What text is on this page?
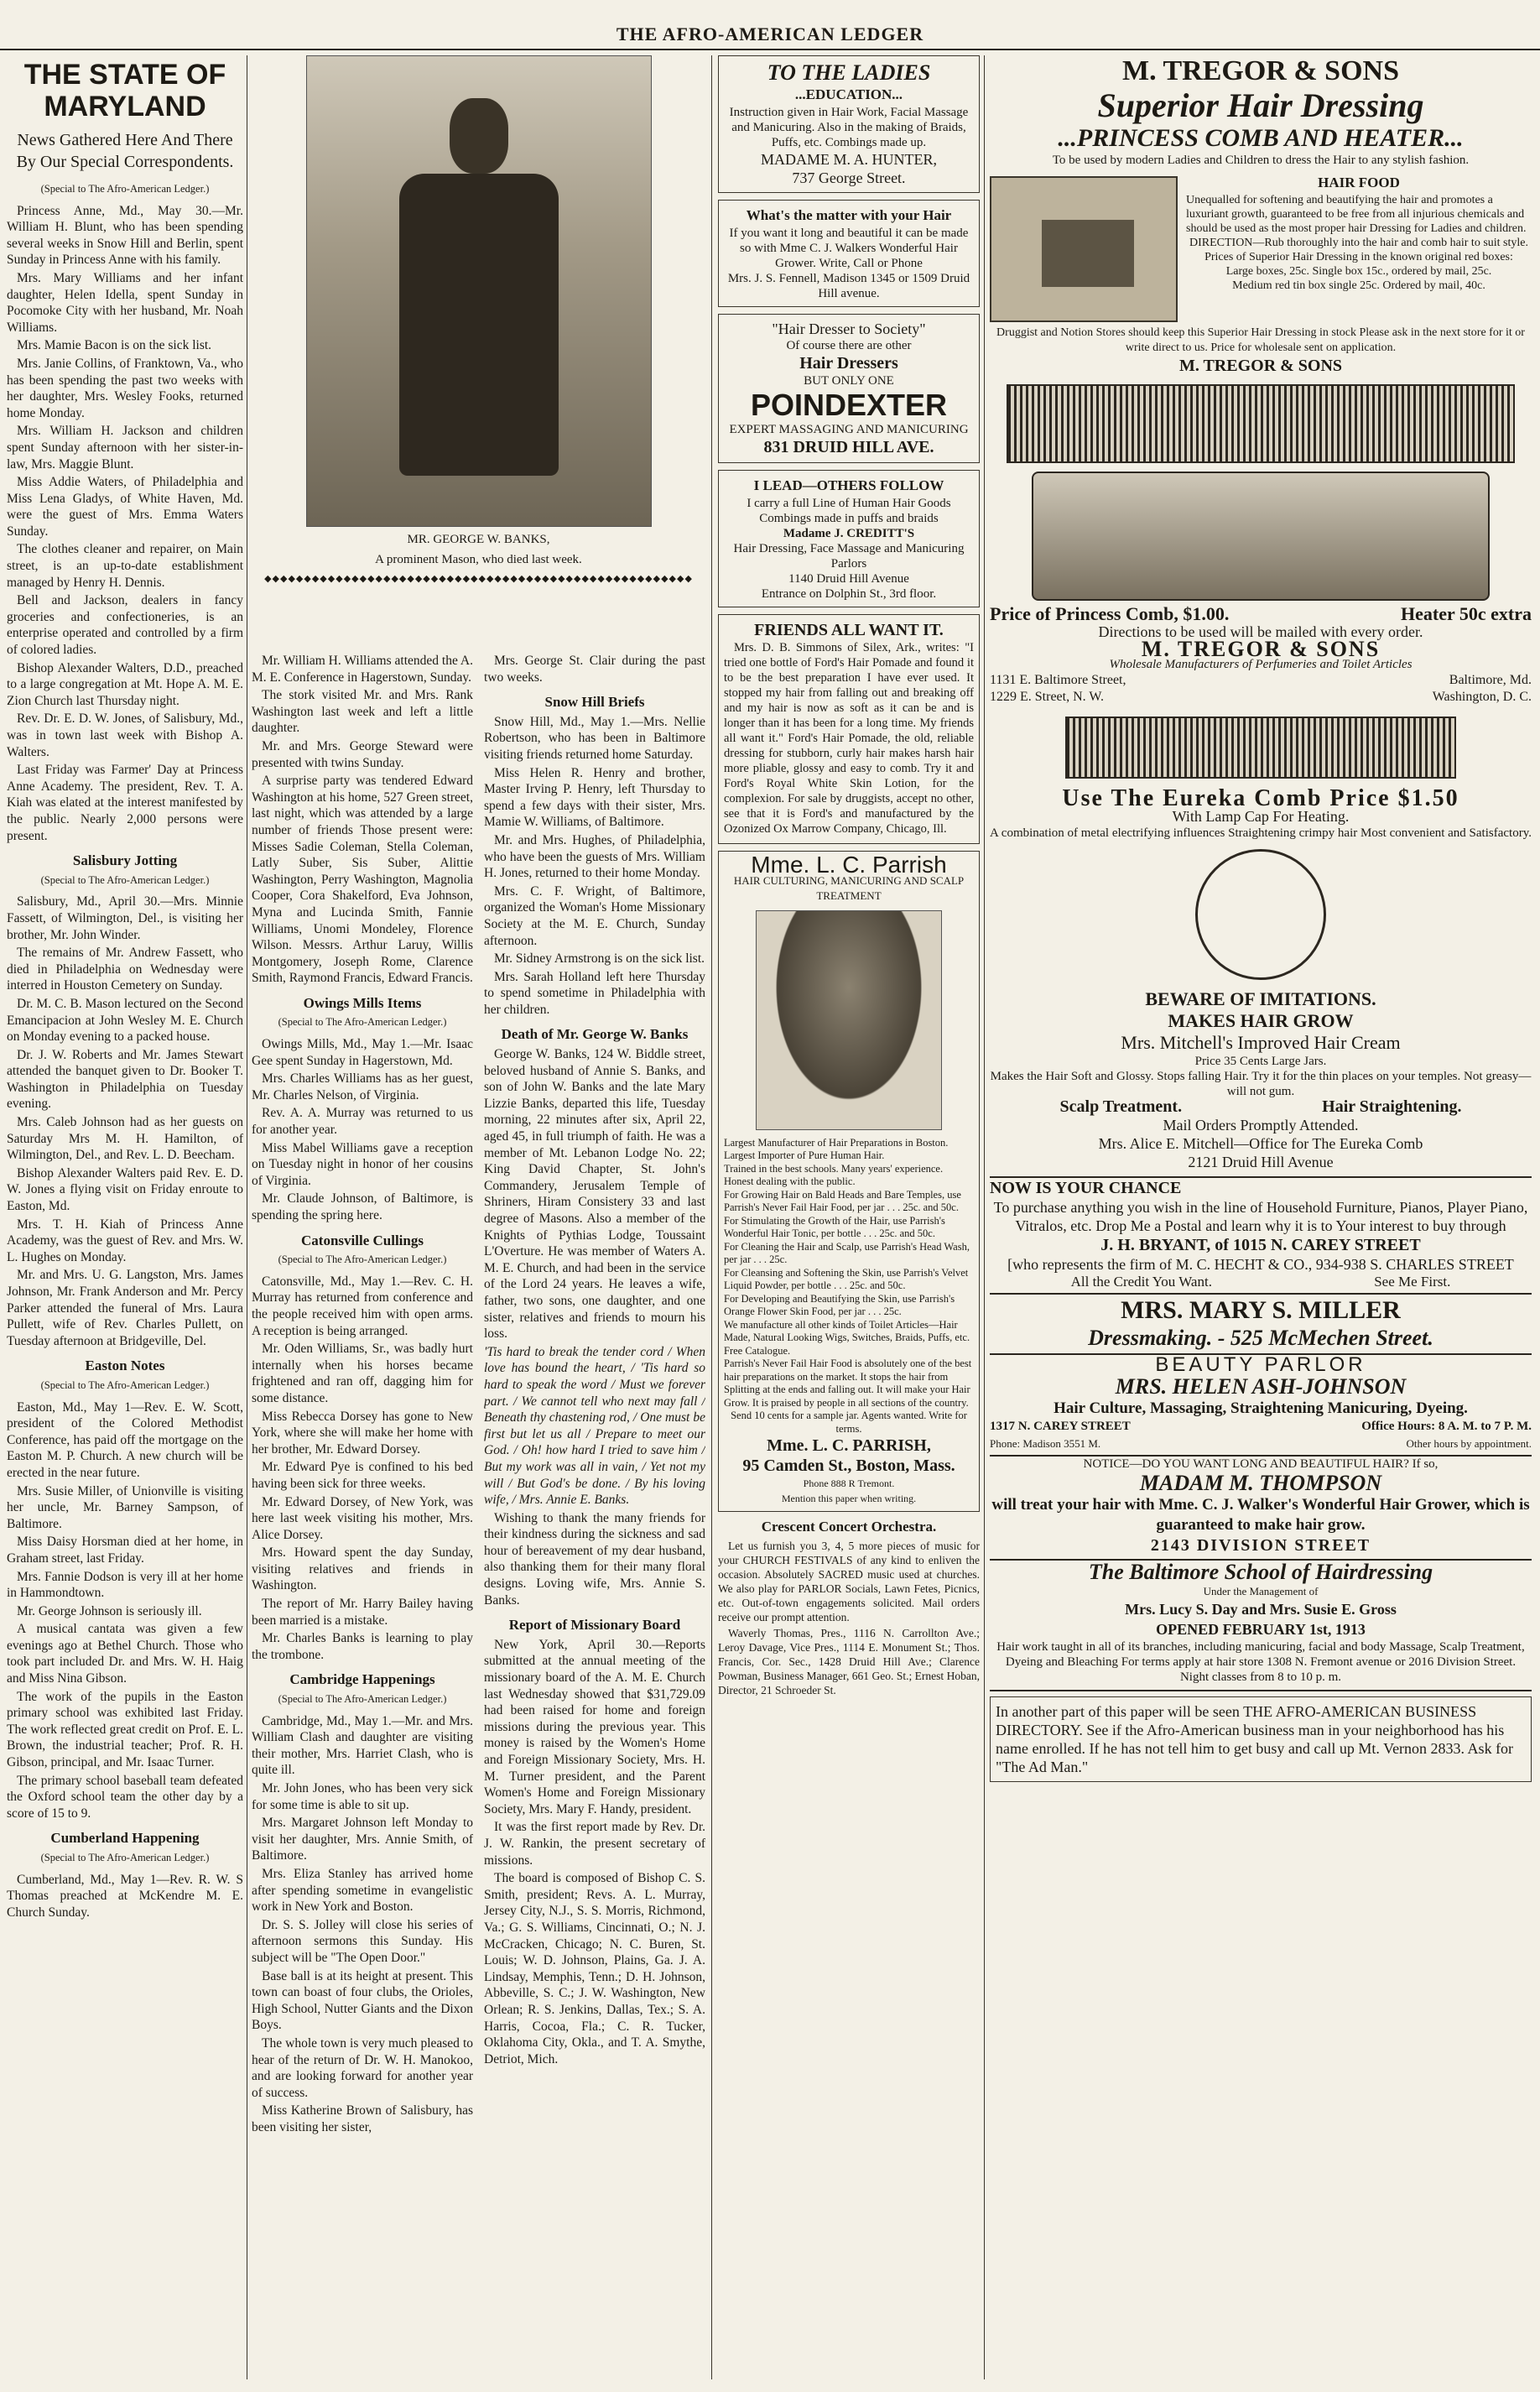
THE AFRO-AMERICAN LEDGER
THE STATE OF MARYLAND
News Gathered Here And There By Our Special Correspondents.
(Special to The Afro-American Ledger.)

Princess Anne, Md., May 30.—Mr. William H. Blunt, who has been spending several weeks in Snow Hill and Berlin, spent Sunday in Princess Anne with his family.

Mrs. Mary Williams and her infant daughter, Helen Idella, spent Sunday in Pocomoke City with her husband, Mr. Noah Williams.

Mrs. Mamie Bacon is on the sick list.

Mrs. Janie Collins, of Franktown, Va., who has been spending the past two weeks with her daughter, Mrs. Wesley Fooks, returned home Monday.

Mrs. William H. Jackson and children spent Sunday afternoon with her sister-in-law, Mrs. Maggie Blunt.

Miss Addie Waters, of Philadelphia and Miss Lena Gladys, of White Haven, Md. were the guest of Mrs. Emma Waters Sunday.

The clothes cleaner and repairer, on Main street, is an up-to-date establishment managed by Henry H. Dennis.

Bell and Jackson, dealers in fancy groceries and confectioneries, is an enterprise operated and controlled by a firm of colored ladies.

Bishop Alexander Walters, D.D., preached to a large congregation at Mt. Hope A. M. E. Zion Church last Thursday night.

Rev. Dr. E. D. W. Jones, of Salisbury, Md., was in town last week with Bishop A. Walters.

Last Friday was Farmer' Day at Princess Anne Academy. The president, Rev. T. A. Kiah was elated at the interest manifested by the public. Nearly 2,000 persons were present.

Salisbury Jotting
(Special to The Afro-American Ledger.)

Salisbury, Md., April 30.—Mrs. Minnie Fassett, of Wilmington, Del., is visiting her brother, Mr. John Winder.

The remains of Mr. Andrew Fassett, who died in Philadelphia on Wednesday were interred in Houston Cemetery on Sunday.

Dr. M. C. B. Mason lectured on the Second Emancipacion at John Wesley M. E. Church on Monday evening to a packed house.

Dr. J. W. Roberts and Mr. James Stewart attended the banquet given to Dr. Booker T. Washington in Philadelphia on Tuesday evening.

Mrs. Caleb Johnson had as her guests on Saturday Mrs M. H. Hamilton, of Wilmington, Del., and Rev. L. D. Beecham.

Bishop Alexander Walters paid Rev. E. D. W. Jones a flying visit on Friday enroute to Easton, Md.

Mrs. T. H. Kiah of Princess Anne Academy, was the guest of Rev. and Mrs. W. L. Hughes on Monday.

Mr. and Mrs. U. G. Langston, Mrs. James Johnson, Mr. Frank Anderson and Mr. Percy Parker attended the funeral of Mrs. Laura Pullett, wife of Rev. Charles Pullett, on Tuesday afternoon at Bridgeville, Del.

Easton Notes
(Special to The Afro-American Ledger.)

Easton, Md., May 1—Rev. E. W. Scott, president of the Colored Methodist Conference, has paid off the mortgage on the Easton M. P. Church. A new church will be erected in the near future.

Mrs. Susie Miller, of Unionville is visiting her uncle, Mr. Barney Sampson, of Baltimore.

Miss Daisy Horsman died at her home, in Graham street, last Friday.

Mrs. Fannie Dodson is very ill at her home in Hammondtown.

Mr. George Johnson is seriously ill.

A musical cantata was given a few evenings ago at Bethel Church. Those who took part included Dr. and Mrs. W. H. Haig and Miss Nina Gibson.

The work of the pupils in the Easton primary school was exhibited last Friday. The work reflected great credit on Prof. E. L. Brown, the industrial teacher; Prof. R. H. Gibson, principal, and Mr. Isaac Turner.

The primary school baseball team defeated the Oxford school team the other day by a score of 15 to 9.

Cumberland Happening
(Special to The Afro-American Ledger.)

Cumberland, Md., May 1—Rev. R. W. S Thomas preached at McKendre M. E. Church Sunday.

MR. GEORGE W. BANKS,
A prominent Mason, who died last week.
◆◆◆◆◆◆◆◆◆◆◆◆◆◆◆◆◆◆◆◆◆◆◆◆◆◆◆◆◆◆◆◆◆◆◆◆◆◆◆◆◆◆◆◆◆◆◆◆◆◆◆◆◆◆

Mr. William H. Williams attended the A. M. E. Conference in Hagerstown, Sunday.

The stork visited Mr. and Mrs. Rank Washington last week and left a little daughter.

Mr. and Mrs. George Steward were presented with twins Sunday.

A surprise party was tendered Edward Washington at his home, 527 Green street, last night, which was attended by a large number of friends Those present were: Misses Sadie Coleman, Stella Coleman, Latly Suber, Sis Suber, Alittie Washington, Perry Washington, Magnolia Cooper, Cora Shakelford, Eva Johnson, Myna and Lucinda Smith, Fannie Williams, Unomi Mondeley, Florence Wilson. Messrs. Arthur Laruy, Willis Montgomery, Joseph Rome, Clarence Smith, Raymond Francis, Edward Francis.

Owings Mills Items
(Special to The Afro-American Ledger.)

Owings Mills, Md., May 1.—Mr. Isaac Gee spent Sunday in Hagerstown, Md.

Mrs. Charles Williams has as her guest, Mr. Charles Nelson, of Virginia.

Rev. A. A. Murray was returned to us for another year.

Miss Mabel Williams gave a reception on Tuesday night in honor of her cousins of Virginia.

Mr. Claude Johnson, of Baltimore, is spending the spring here.

Catonsville Cullings
(Special to The Afro-American Ledger.)

Catonsville, Md., May 1.—Rev. C. H. Murray has returned from conference and the people received him with open arms. A reception is being arranged.

Mr. Oden Williams, Sr., was badly hurt internally when his horses became frightened and ran off, dagging him for some distance.

Miss Rebecca Dorsey has gone to New York, where she will make her home with her brother, Mr. Edward Dorsey.

Mr. Edward Pye is confined to his bed having been sick for three weeks.

Mr. Edward Dorsey, of New York, was here last week visiting his mother, Mrs. Alice Dorsey.

Mrs. Howard spent the day Sunday, visiting relatives and friends in Washington.

The report of Mr. Harry Bailey having been married is a mistake.

Mr. Charles Banks is learning to play the trombone.

Cambridge Happenings
(Special to The Afro-American Ledger.)

Cambridge, Md., May 1.—Mr. and Mrs. William Clash and daughter are visiting their mother, Mrs. Harriet Clash, who is quite ill.

Mr. John Jones, who has been very sick for some time is able to sit up.

Mrs. Margaret Johnson left Monday to visit her daughter, Mrs. Annie Smith, of Baltimore.

Mrs. Eliza Stanley has arrived home after spending sometime in evangelistic work in New York and Boston.

Dr. S. S. Jolley will close his series of afternoon sermons this Sunday. His subject will be "The Open Door."

Base ball is at its height at present. This town can boast of four clubs, the Orioles, High School, Nutter Giants and the Dixon Boys.

The whole town is very much pleased to hear of the return of Dr. W. H. Manokoo, and are looking forward for another year of success.

Miss Katherine Brown of Salisbury, has been visiting her sister,

Mrs. George St. Clair during the past two weeks.

Snow Hill Briefs

Snow Hill, Md., May 1.—Mrs. Nellie Robertson, who has been in Baltimore visiting friends returned home Saturday.

Miss Helen R. Henry and brother, Master Irving P. Henry, left Thursday to spend a few days with their sister, Mrs. Mamie W. Williams, of Baltimore.

Mr. and Mrs. Hughes, of Philadelphia, who have been the guests of Mrs. William H. Jones, returned to their home Monday.

Mrs. C. F. Wright, of Baltimore, organized the Woman's Home Missionary Society at the M. E. Church, Sunday afternoon.

Mr. Sidney Armstrong is on the sick list.

Mrs. Sarah Holland left here Thursday to spend sometime in Philadelphia with her children.

Death of Mr. George W. Banks

George W. Banks, 124 W. Biddle street, beloved husband of Annie S. Banks, and son of John W. Banks and the late Mary Lizzie Banks, departed this life, Tuesday morning, 22 minutes after six, April 22, aged 45, in full triumph of faith. He was a member of Mt. Lebanon Lodge No. 22; King David Chapter, St. John's Commandery, Jerusalem Temple of Shriners, Hiram Consistery 33 and last degree of Masons. Also a member of the Knights of Pythias Lodge, Toussaint L'Overture. He was member of Waters A. M. E. Church, and had been in the service of the Lord 24 years. He leaves a wife, father, two sons, one daughter, and one sister, relatives and friends to mourn his loss.

'Tis hard to break the tender cord / When love has bound the heart, / 'Tis hard so hard to speak the word / Must we forever part. / We cannot tell who next may fall / Beneath thy chastening rod, / One must be first but let us all / Prepare to meet our God. / Oh! how hard I tried to save him / But my work was all in vain, / Yet not my will / But God's be done. / By his loving wife, / Mrs. Annie E. Banks.

Wishing to thank the many friends for their kindness during the sickness and sad hour of bereavement of my dear husband, also thanking them for their many floral designs. Loving wife, Mrs. Annie S. Banks.

Report of Missionary Board

New York, April 30.—Reports submitted at the annual meeting of the missionary board of the A. M. E. Church last Wednesday showed that $31,729.09 had been raised for home and foreign missions during the previous year. This money is raised by the Women's Home and Foreign Missionary Society, Mrs. H. M. Turner president, and the Parent Women's Home and Foreign Missionary Society, Mrs. Mary F. Handy, president.

It was the first report made by Rev. Dr. J. W. Rankin, the present secretary of missions.

The board is composed of Bishop C. S. Smith, president; Revs. A. L. Murray, Jersey City, N.J., S. S. Morris, Richmond, Va.; G. S. Williams, Cincinnati, O.; N. J. McCracken, Chicago; N. C. Buren, St. Louis; W. D. Johnson, Plains, Ga. J. A. Lindsay, Memphis, Tenn.; D. H. Johnson, Abbeville, S. C.; J. W. Washington, New Orlean; R. S. Jenkins, Dallas, Tex.; S. A. Harris, Cocoa, Fla.; C. R. Tucker, Oklahoma City, Okla., and T. A. Smythe, Detriot, Mich.

TO THE LADIES
...EDUCATION...
Instruction given in Hair Work, Facial Massage and Manicuring. Also in the making of Braids, Puffs, etc. Combings made up.
MADAME M. A. HUNTER,
737 George Street.
What's the matter with your Hair
If you want it long and beautiful it can be made so with Mme C. J. Walkers Wonderful Hair Grower. Write, Call or Phone
Mrs. J. S. Fennell, Madison 1345 or 1509 Druid Hill avenue.
"Hair Dresser to Society"
Of course there are other
Hair Dressers
BUT ONLY ONE
POINDEXTER
EXPERT MASSAGING AND MANICURING
831 DRUID HILL AVE.
I LEAD—OTHERS FOLLOW
I carry a full Line of Human Hair Goods Combings made in puffs and braids
Madame J. CREDITT'S
Hair Dressing, Face Massage and Manicuring Parlors
1140 Druid Hill Avenue
Entrance on Dolphin St., 3rd floor.
FRIENDS ALL WANT IT.

Mrs. D. B. Simmons of Silex, Ark., writes: "I tried one bottle of Ford's Hair Pomade and found it to be the best preparation I have ever used. It stopped my hair from falling out and breaking off and my hair is now as soft as it can be and is longer than it has been for a long time. My friends all want it." Ford's Hair Pomade, the old, reliable dressing for stubborn, curly hair makes harsh hair more pliable, glossy and easy to comb. Try it and Ford's Royal White Skin Lotion, for the complexion. For sale by druggists, accept no other, see that it is Ford's and manufactured by the Ozonized Ox Marrow Company, Chicago, Ill.

Mme. L. C. Parrish
HAIR CULTURING, MANICURING AND SCALP TREATMENT
Largest Manufacturer of Hair Preparations in Boston.
Largest Importer of Pure Human Hair.
Trained in the best schools. Many years' experience.
Honest dealing with the public.
For Growing Hair on Bald Heads and Bare Temples, use Parrish's Never Fail Hair Food, per jar . . . 25c. and 50c.
For Stimulating the Growth of the Hair, use Parrish's Wonderful Hair Tonic, per bottle . . . 25c. and 50c.
For Cleaning the Hair and Scalp, use Parrish's Head Wash, per jar . . . 25c.
For Cleansing and Softening the Skin, use Parrish's Velvet Liquid Powder, per bottle . . . 25c. and 50c.
For Developing and Beautifying the Skin, use Parrish's Orange Flower Skin Food, per jar . . . 25c.
We manufacture all other kinds of Toilet Articles—Hair Made, Natural Looking Wigs, Switches, Braids, Puffs, etc. Free Catalogue.
Parrish's Never Fail Hair Food is absolutely one of the best hair preparations on the market. It stops the hair from Splitting at the ends and falling out. It will make your Hair Grow. It is praised by people in all sections of the country.
Send 10 cents for a sample jar. Agents wanted. Write for terms.
Mme. L. C. PARRISH,
95 Camden St., Boston, Mass.
Phone 888 R Tremont.
Mention this paper when writing.
Crescent Concert Orchestra.

Let us furnish you 3, 4, 5 more pieces of music for your CHURCH FESTIVALS of any kind to enliven the occasion. Absolutely SACRED music used at churches. We also play for PARLOR Socials, Lawn Fetes, Picnics, etc. Out-of-town engagements solicited. Mail orders receive our prompt attention.

Waverly Thomas, Pres., 1116 N. Carrollton Ave.; Leroy Davage, Vice Pres., 1114 E. Monument St.; Thos. Francis, Cor. Sec., 1428 Druid Hill Ave.; Clarence Powman, Business Manager, 661 Geo. St.; Ernest Hoban, Director, 21 Schroeder St.

M. TREGOR & SONS
Superior Hair Dressing
...PRINCESS COMB AND HEATER...
To be used by modern Ladies and Children to dress the Hair to any stylish fashion.
HAIR FOOD
Unequalled for softening and beautifying the hair and promotes a luxuriant growth, guaranteed to be free from all injurious chemicals and should be used as the most proper hair Dressing for Ladies and children.
DIRECTION—Rub thoroughly into the hair and comb hair to suit style.
Prices of Superior Hair Dressing in the known original red boxes:
Large boxes, 25c. Single box 15c., ordered by mail, 25c.
Medium red tin box single 25c. Ordered by mail, 40c.
Druggist and Notion Stores should keep this Superior Hair Dressing in stock Please ask in the next store for it or write direct to us. Price for wholesale sent on application.
M. TREGOR & SONS
Price of Princess Comb, $1.00.	Heater 50c extra
Directions to be used will be mailed with every order.
M. TREGOR & SONS
Wholesale Manufacturers of Perfumeries and Toilet Articles
1131 E. Baltimore Street,	Baltimore, Md.
1229 E. Street, N. W.	Washington, D. C.
Use The Eureka Comb Price $1.50
With Lamp Cap For Heating.
A combination of metal electrifying influences Straightening crimpy hair Most convenient and Satisfactory.
BEWARE OF IMITATIONS.
MAKES HAIR GROW
Mrs. Mitchell's Improved Hair Cream
Price 35 Cents Large Jars.
Makes the Hair Soft and Glossy. Stops falling Hair. Try it for the thin places on your temples. Not greasy—will not gum.
Scalp Treatment.	Hair Straightening.
Mail Orders Promptly Attended.
Mrs. Alice E. Mitchell—Office for The Eureka Comb
2121 Druid Hill Avenue
NOW IS YOUR CHANCE
To purchase anything you wish in the line of Household Furniture, Pianos, Player Piano, Vitralos, etc. Drop Me a Postal and learn why it is to Your interest to buy through
J. H. BRYANT, of 1015 N. CAREY STREET
[who represents the firm of M. C. HECHT & CO., 934-938 S. CHARLES STREET
All the Credit You Want.	See Me First.
MRS. MARY S. MILLER
Dressmaking. - 525 McMechen Street.
BEAUTY PARLOR
MRS. HELEN ASH-JOHNSON
Hair Culture, Massaging, Straightening Manicuring, Dyeing.
1317 N. CAREY STREET	Office Hours: 8 A. M. to 7 P. M.
Phone: Madison 3551 M.	Other hours by appointment.
NOTICE—DO YOU WANT LONG AND BEAUTIFUL HAIR? If so,
MADAM M. THOMPSON
will treat your hair with Mme. C. J. Walker's Wonderful Hair Grower, which is guaranteed to make hair grow.
2143 DIVISION STREET
The Baltimore School of Hairdressing
Under the Management of
Mrs. Lucy S. Day and Mrs. Susie E. Gross
OPENED FEBRUARY 1st, 1913
Hair work taught in all of its branches, including manicuring, facial and body Massage, Scalp Treatment, Dyeing and Bleaching For terms apply at hair store 1308 N. Fremont avenue or 2016 Division Street. Night classes from 8 to 10 p. m.
In another part of this paper will be seen THE AFRO-AMERICAN BUSINESS DIRECTORY. See if the Afro-American business man in your neighborhood has his name enrolled. If he has not tell him to get busy and call up Mt. Vernon 2833. Ask for "The Ad Man."
